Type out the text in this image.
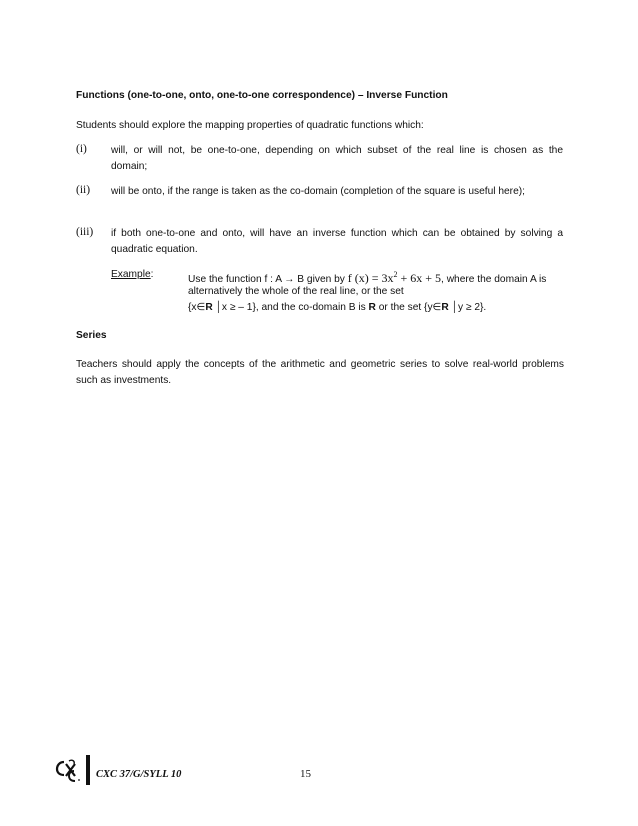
Functions (one-to-one, onto, one-to-one correspondence) – Inverse Function
Students should explore the mapping properties of quadratic functions which:
(i) will, or will not, be one-to-one, depending on which subset of the real line is chosen as the
domain;
(ii) will be onto, if the range is taken as the co-domain (completion of the square is useful here);
(iii) if both one-to-one and onto, will have an inverse function which can be obtained by solving a
quadratic equation.
Example:	Use the function f : A → B given by f $(x) = 3x^2 + 6x + 5$, where the domain A is
alternatively the whole of the real line, or the set
{x∈R │x ≥ – 1}, and the co-domain B is R or the set {y∈R │y ≥ 2}.
Series
Teachers should apply the concepts of the arithmetic and geometric series to solve real-world problems
such as investments.
CXC 37/G/SYLL 10	15
